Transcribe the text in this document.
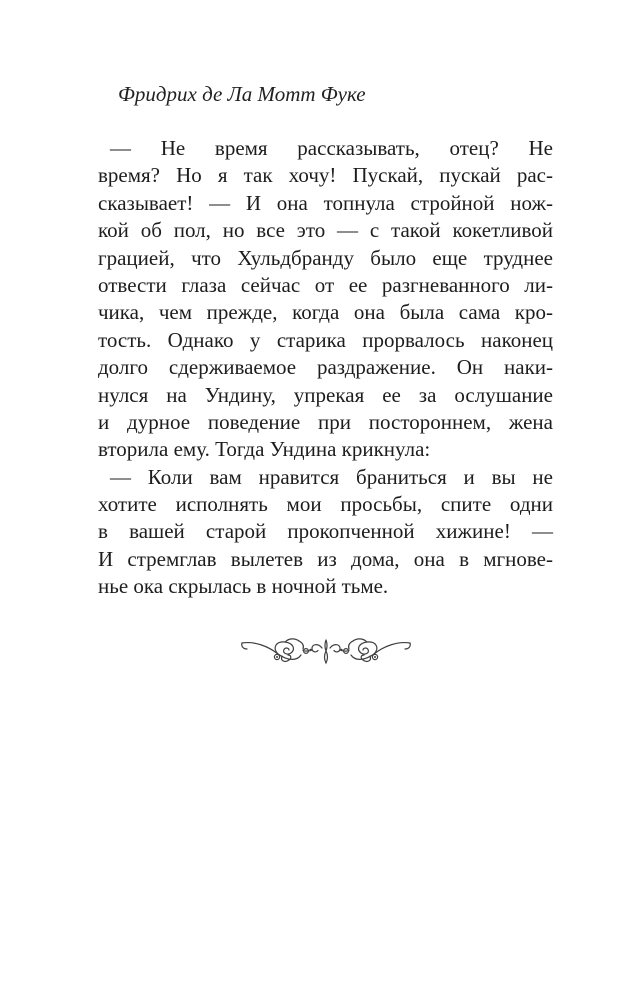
Фридрих де Ла Мотт Фуке
— Не время рассказывать, отец? Не
время? Но я так хочу! Пускай, пускай рас-
сказывает! — И она топнула стройной нож-
кой об пол, но все это — с такой кокетливой
грацией, что Хульдбранду было еще труднее
отвести глаза сейчас от ее разгневанного ли-
чика, чем прежде, когда она была сама кро-
тость. Однако у старика прорвалось наконец
долго сдерживаемое раздражение. Он наки-
нулся на Ундину, упрекая ее за ослушание
и дурное поведение при постороннем, жена
вторила ему. Тогда Ундина крикнула:
— Коли вам нравится браниться и вы не
хотите исполнять мои просьбы, спите одни
в вашей старой прокопченной хижине! —
И стремглав вылетев из дома, она в мгнове-
нье ока скрылась в ночной тьме.
